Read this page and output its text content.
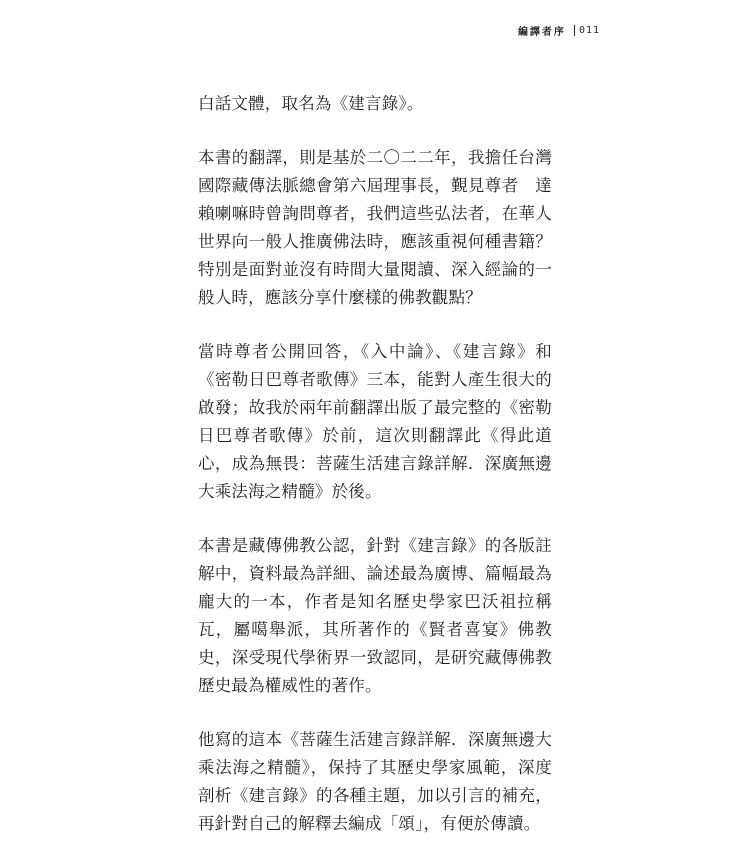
編譯者序 011

白話文體，取名為《建言錄》。

本書的翻譯，則是基於二〇二二年，我擔任台灣國際藏傳法脈總會第六屆理事長，覲見尊者　達賴喇嘛時曾詢問尊者，我們這些弘法者，在華人世界向一般人推廣佛法時，應該重視何種書籍？特別是面對並沒有時間大量閱讀、深入經論的一般人時，應該分享什麼樣的佛教觀點？

當時尊者公開回答，《入中論》、《建言錄》和《密勒日巴尊者歌傳》三本，能對人產生很大的啟發；故我於兩年前翻譯出版了最完整的《密勒日巴尊者歌傳》於前，這次則翻譯此《得此道心，成為無畏：菩薩生活建言錄詳解．深廣無邊大乘法海之精髓》於後。

本書是藏傳佛教公認，針對《建言錄》的各版註解中，資料最為詳細、論述最為廣博、篇幅最為龐大的一本，作者是知名歷史學家巴沃祖拉稱瓦，屬噶舉派，其所著作的《賢者喜宴》佛教史，深受現代學術界一致認同，是研究藏傳佛教歷史最為權威性的著作。

他寫的這本《菩薩生活建言錄詳解．深廣無邊大乘法海之精髓》，保持了其歷史學家風範，深度剖析《建言錄》的各種主題，加以引言的補充，再針對自己的解釋去編成「頌」，有便於傳讀。
